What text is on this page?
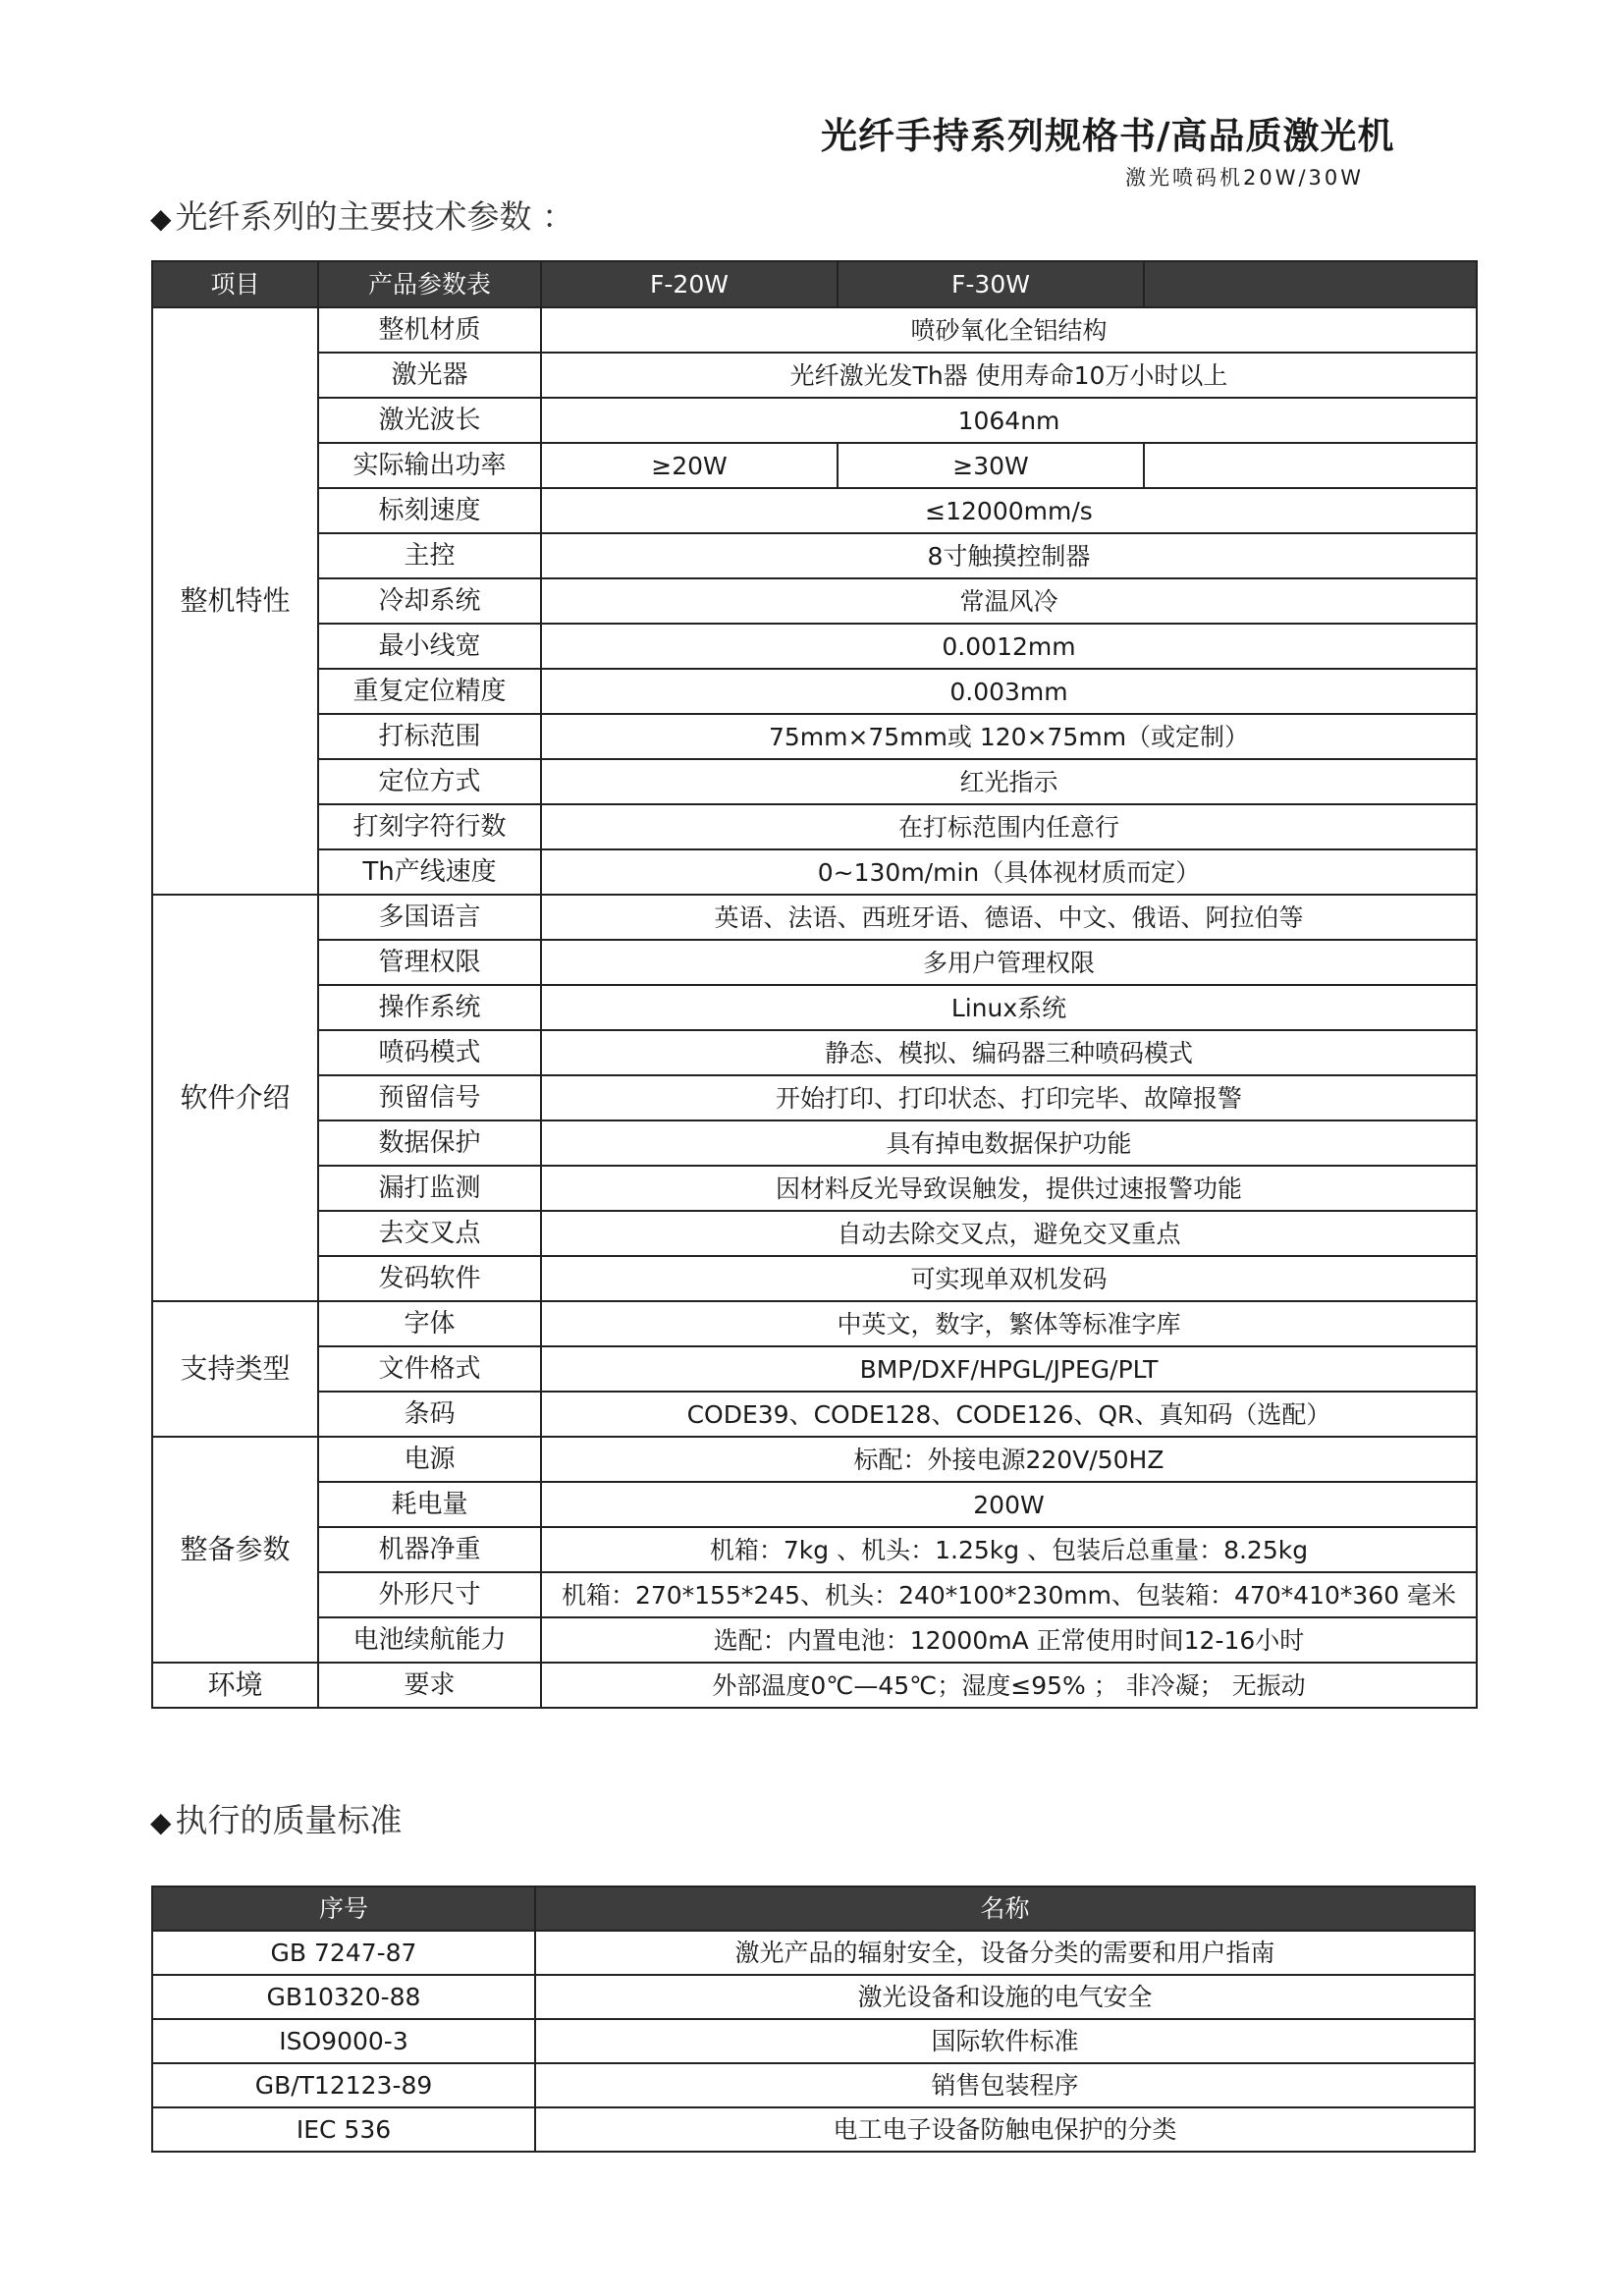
光纤手持系列规格书/高品质激光机
激光喷码机20W/30W
◆ 光纤系列的主要技术参数 ：
项目	产品参数表	F-20W	F-30W	
整机特性	整机材质	喷砂氧化全铝结构		
	激光器	光纤激光发Th器 使用寿命10万小时以上		
	激光波长	1064nm		
	实际输出功率	≥20W	≥30W	
	标刻速度	≤12000mm/s		
	主控	8寸触摸控制器		
	冷却系统	常温风冷		
	最小线宽	0.0012mm		
	重复定位精度	0.003mm		
	打标范围	75mm×75mm或 120×75mm（或定制）		
	定位方式	红光指示		
	打刻字符行数	在打标范围内任意行		
	Th产线速度	0~130m/min（具体视材质而定）		
软件介绍	多国语言	英语、法语、西班牙语、德语、中文、俄语、阿拉伯等		
	管理权限	多用户管理权限		
	操作系统	Linux系统		
	喷码模式	静态、模拟、编码器三种喷码模式		
	预留信号	开始打印、打印状态、打印完毕、故障报警		
	数据保护	具有掉电数据保护功能		
	漏打监测	因材料反光导致误触发，提供过速报警功能		
	去交叉点	自动去除交叉点，避免交叉重点		
	发码软件	可实现单双机发码		
支持类型	字体	中英文，数字，繁体等标准字库		
	文件格式	BMP/DXF/HPGL/JPEG/PLT		
	条码	CODE39、CODE128、CODE126、QR、真知码（选配）		
整备参数	电源	标配：外接电源220V/50HZ		
	耗电量	200W		
	机器净重	机箱：7kg 、机头：1.25kg 、包装后总重量：8.25kg		
	外形尺寸	机箱：270*155*245、机头：240*100*230mm、包装箱：470*410*360 毫米		
	电池续航能力	选配：内置电池：12000mA 正常使用时间12-16小时		
环境	要求	外部温度0℃—45℃；湿度≤95% ； 非冷凝； 无振动		
◆ 执行的质量标准
序号	名称
GB 7247-87	激光产品的辐射安全，设备分类的需要和用户指南
GB10320-88	激光设备和设施的电气安全
ISO9000-3	国际软件标准
GB/T12123-89	销售包装程序
IEC 536	电工电子设备防触电保护的分类
